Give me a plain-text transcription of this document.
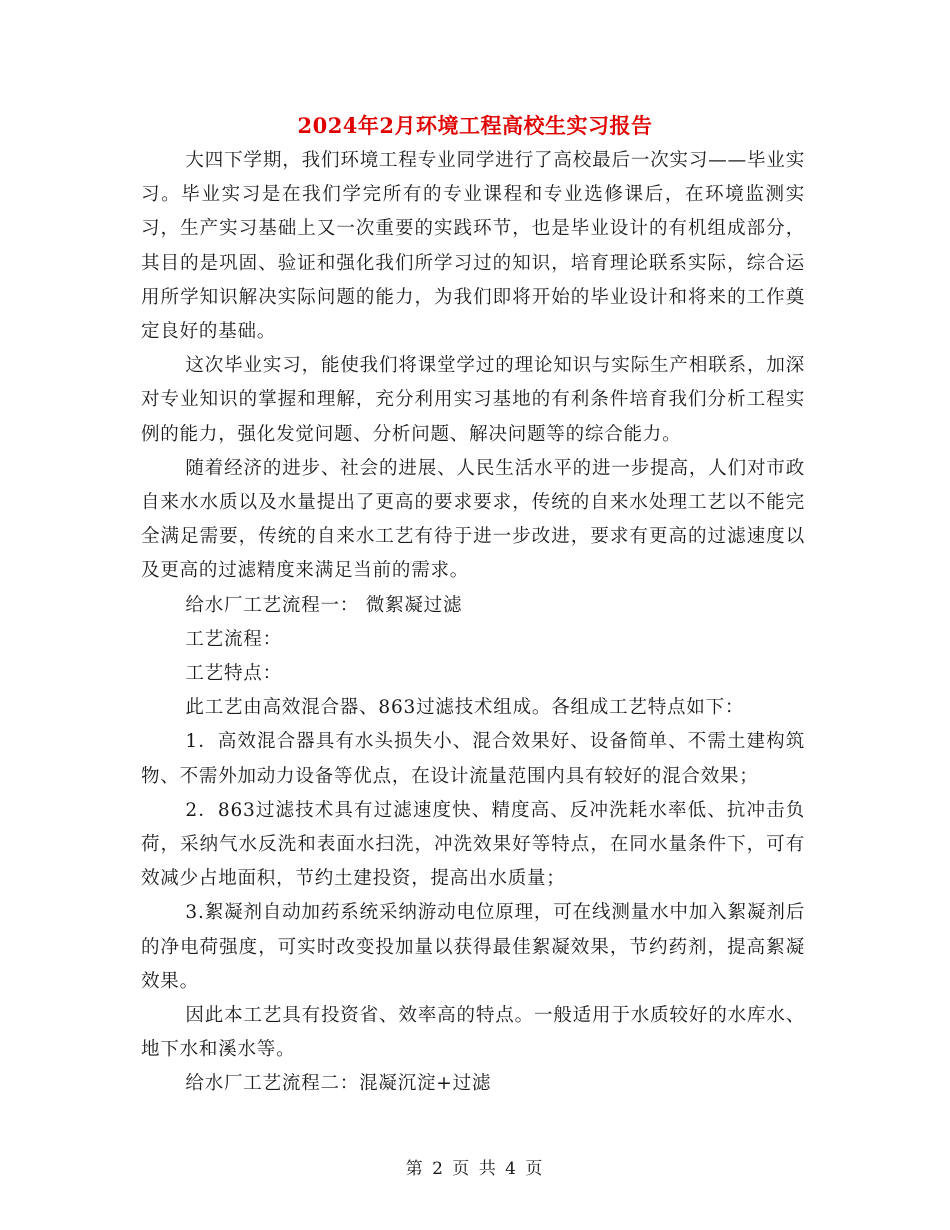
2024年2月环境工程高校生实习报告

大四下学期，我们环境工程专业同学进行了高校最后一次实习——毕业实习。毕业实习是在我们学完所有的专业课程和专业选修课后，在环境监测实习，生产实习基础上又一次重要的实践环节，也是毕业设计的有机组成部分，其目的是巩固、验证和强化我们所学习过的知识，培育理论联系实际，综合运用所学知识解决实际问题的能力，为我们即将开始的毕业设计和将来的工作奠定良好的基础。

这次毕业实习，能使我们将课堂学过的理论知识与实际生产相联系，加深对专业知识的掌握和理解，充分利用实习基地的有利条件培育我们分析工程实例的能力，强化发觉问题、分析问题、解决问题等的综合能力。

随着经济的进步、社会的进展、人民生活水平的进一步提高，人们对市政自来水水质以及水量提出了更高的要求要求，传统的自来水处理工艺以不能完全满足需要，传统的自来水工艺有待于进一步改进，要求有更高的过滤速度以及更高的过滤精度来满足当前的需求。

给水厂工艺流程一： 微絮凝过滤

工艺流程：

工艺特点：

此工艺由高效混合器、863过滤技术组成。各组成工艺特点如下：

1．高效混合器具有水头损失小、混合效果好、设备简单、不需土建构筑物、不需外加动力设备等优点，在设计流量范围内具有较好的混合效果；

2．863过滤技术具有过滤速度快、精度高、反冲洗耗水率低、抗冲击负荷，采纳气水反洗和表面水扫洗，冲洗效果好等特点，在同水量条件下，可有效减少占地面积，节约土建投资，提高出水质量；

3.絮凝剂自动加药系统采纳游动电位原理，可在线测量水中加入絮凝剂后的净电荷强度，可实时改变投加量以获得最佳絮凝效果，节约药剂，提高絮凝效果。

因此本工艺具有投资省、效率高的特点。一般适用于水质较好的水库水、地下水和溪水等。

给水厂工艺流程二：混凝沉淀+过滤

第 2 页 共 4 页
